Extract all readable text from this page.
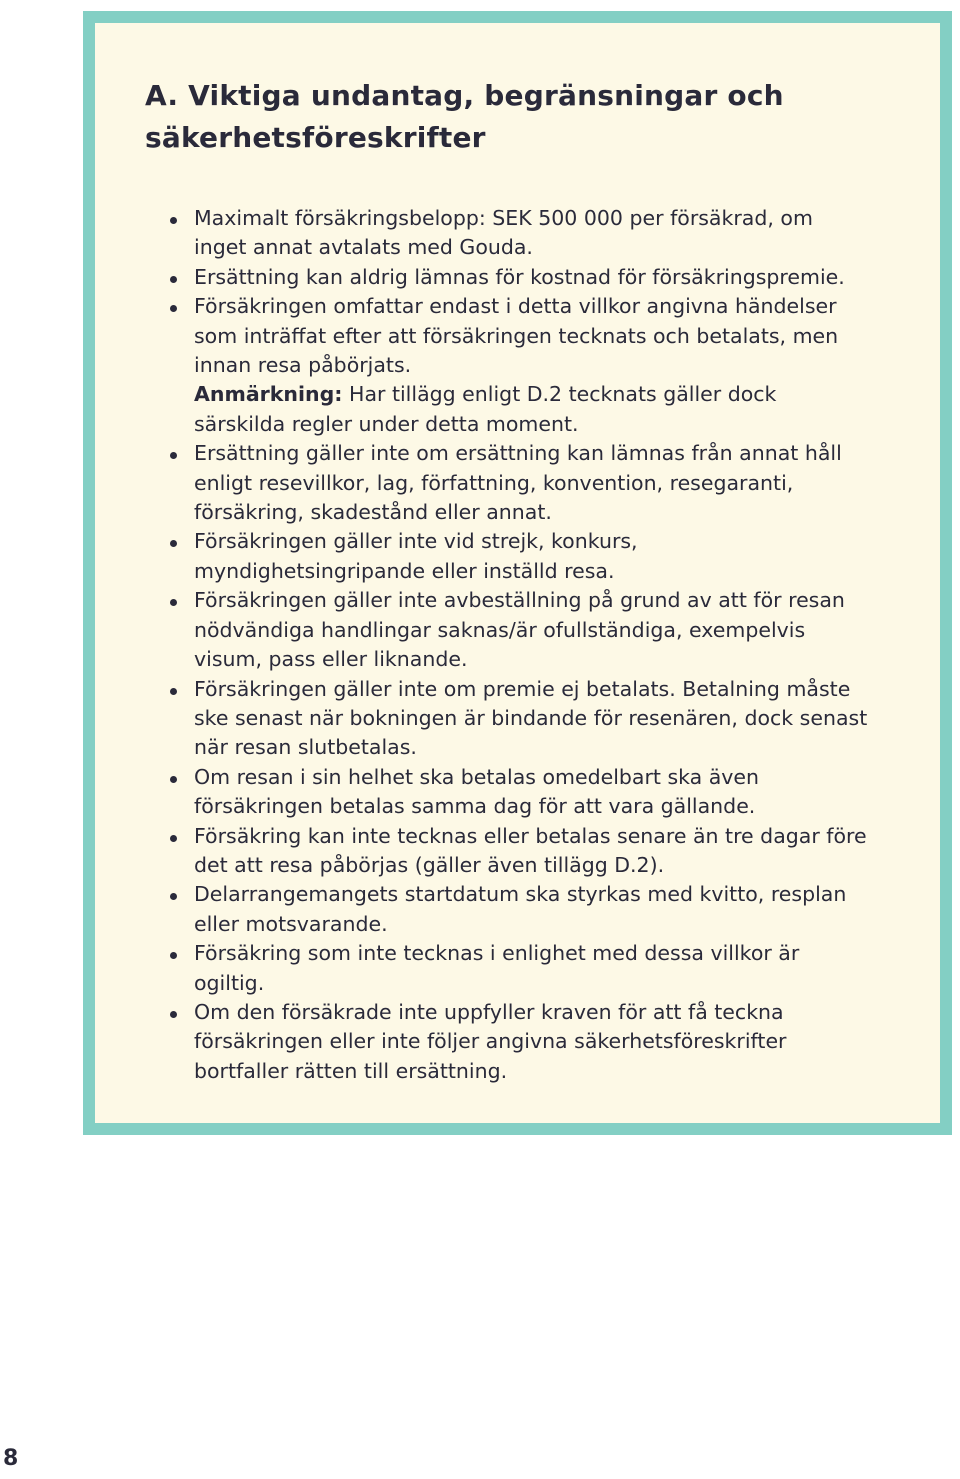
A. Viktiga undantag, begränsningar och
säkerhetsföreskrifter
Maximalt försäkringsbelopp: SEK 500 000 per försäkrad, om
inget annat avtalats med Gouda.
Ersättning kan aldrig lämnas för kostnad för försäkringspremie.
Försäkringen omfattar endast i detta villkor angivna händelser
som inträffat efter att försäkringen tecknats och betalats, men
innan resa påbörjats.
Anmärkning: Har tillägg enligt D.2 tecknats gäller dock
särskilda regler under detta moment.
Ersättning gäller inte om ersättning kan lämnas från annat håll
enligt resevillkor, lag, författning, konvention, resegaranti,
försäkring, skadestånd eller annat.
Försäkringen gäller inte vid strejk, konkurs,
myndighetsingripande eller inställd resa.
Försäkringen gäller inte avbeställning på grund av att för resan
nödvändiga handlingar saknas/är ofullständiga, exempelvis
visum, pass eller liknande.
Försäkringen gäller inte om premie ej betalats. Betalning måste
ske senast när bokningen är bindande för resenären, dock senast
när resan slutbetalas.
Om resan i sin helhet ska betalas omedelbart ska även
försäkringen betalas samma dag för att vara gällande.
Försäkring kan inte tecknas eller betalas senare än tre dagar före
det att resa påbörjas (gäller även tillägg D.2).
Delarrangemangets startdatum ska styrkas med kvitto, resplan
eller motsvarande.
Försäkring som inte tecknas i enlighet med dessa villkor är
ogiltig.
Om den försäkrade inte uppfyller kraven för att få teckna
försäkringen eller inte följer angivna säkerhetsföreskrifter
bortfaller rätten till ersättning.
8
